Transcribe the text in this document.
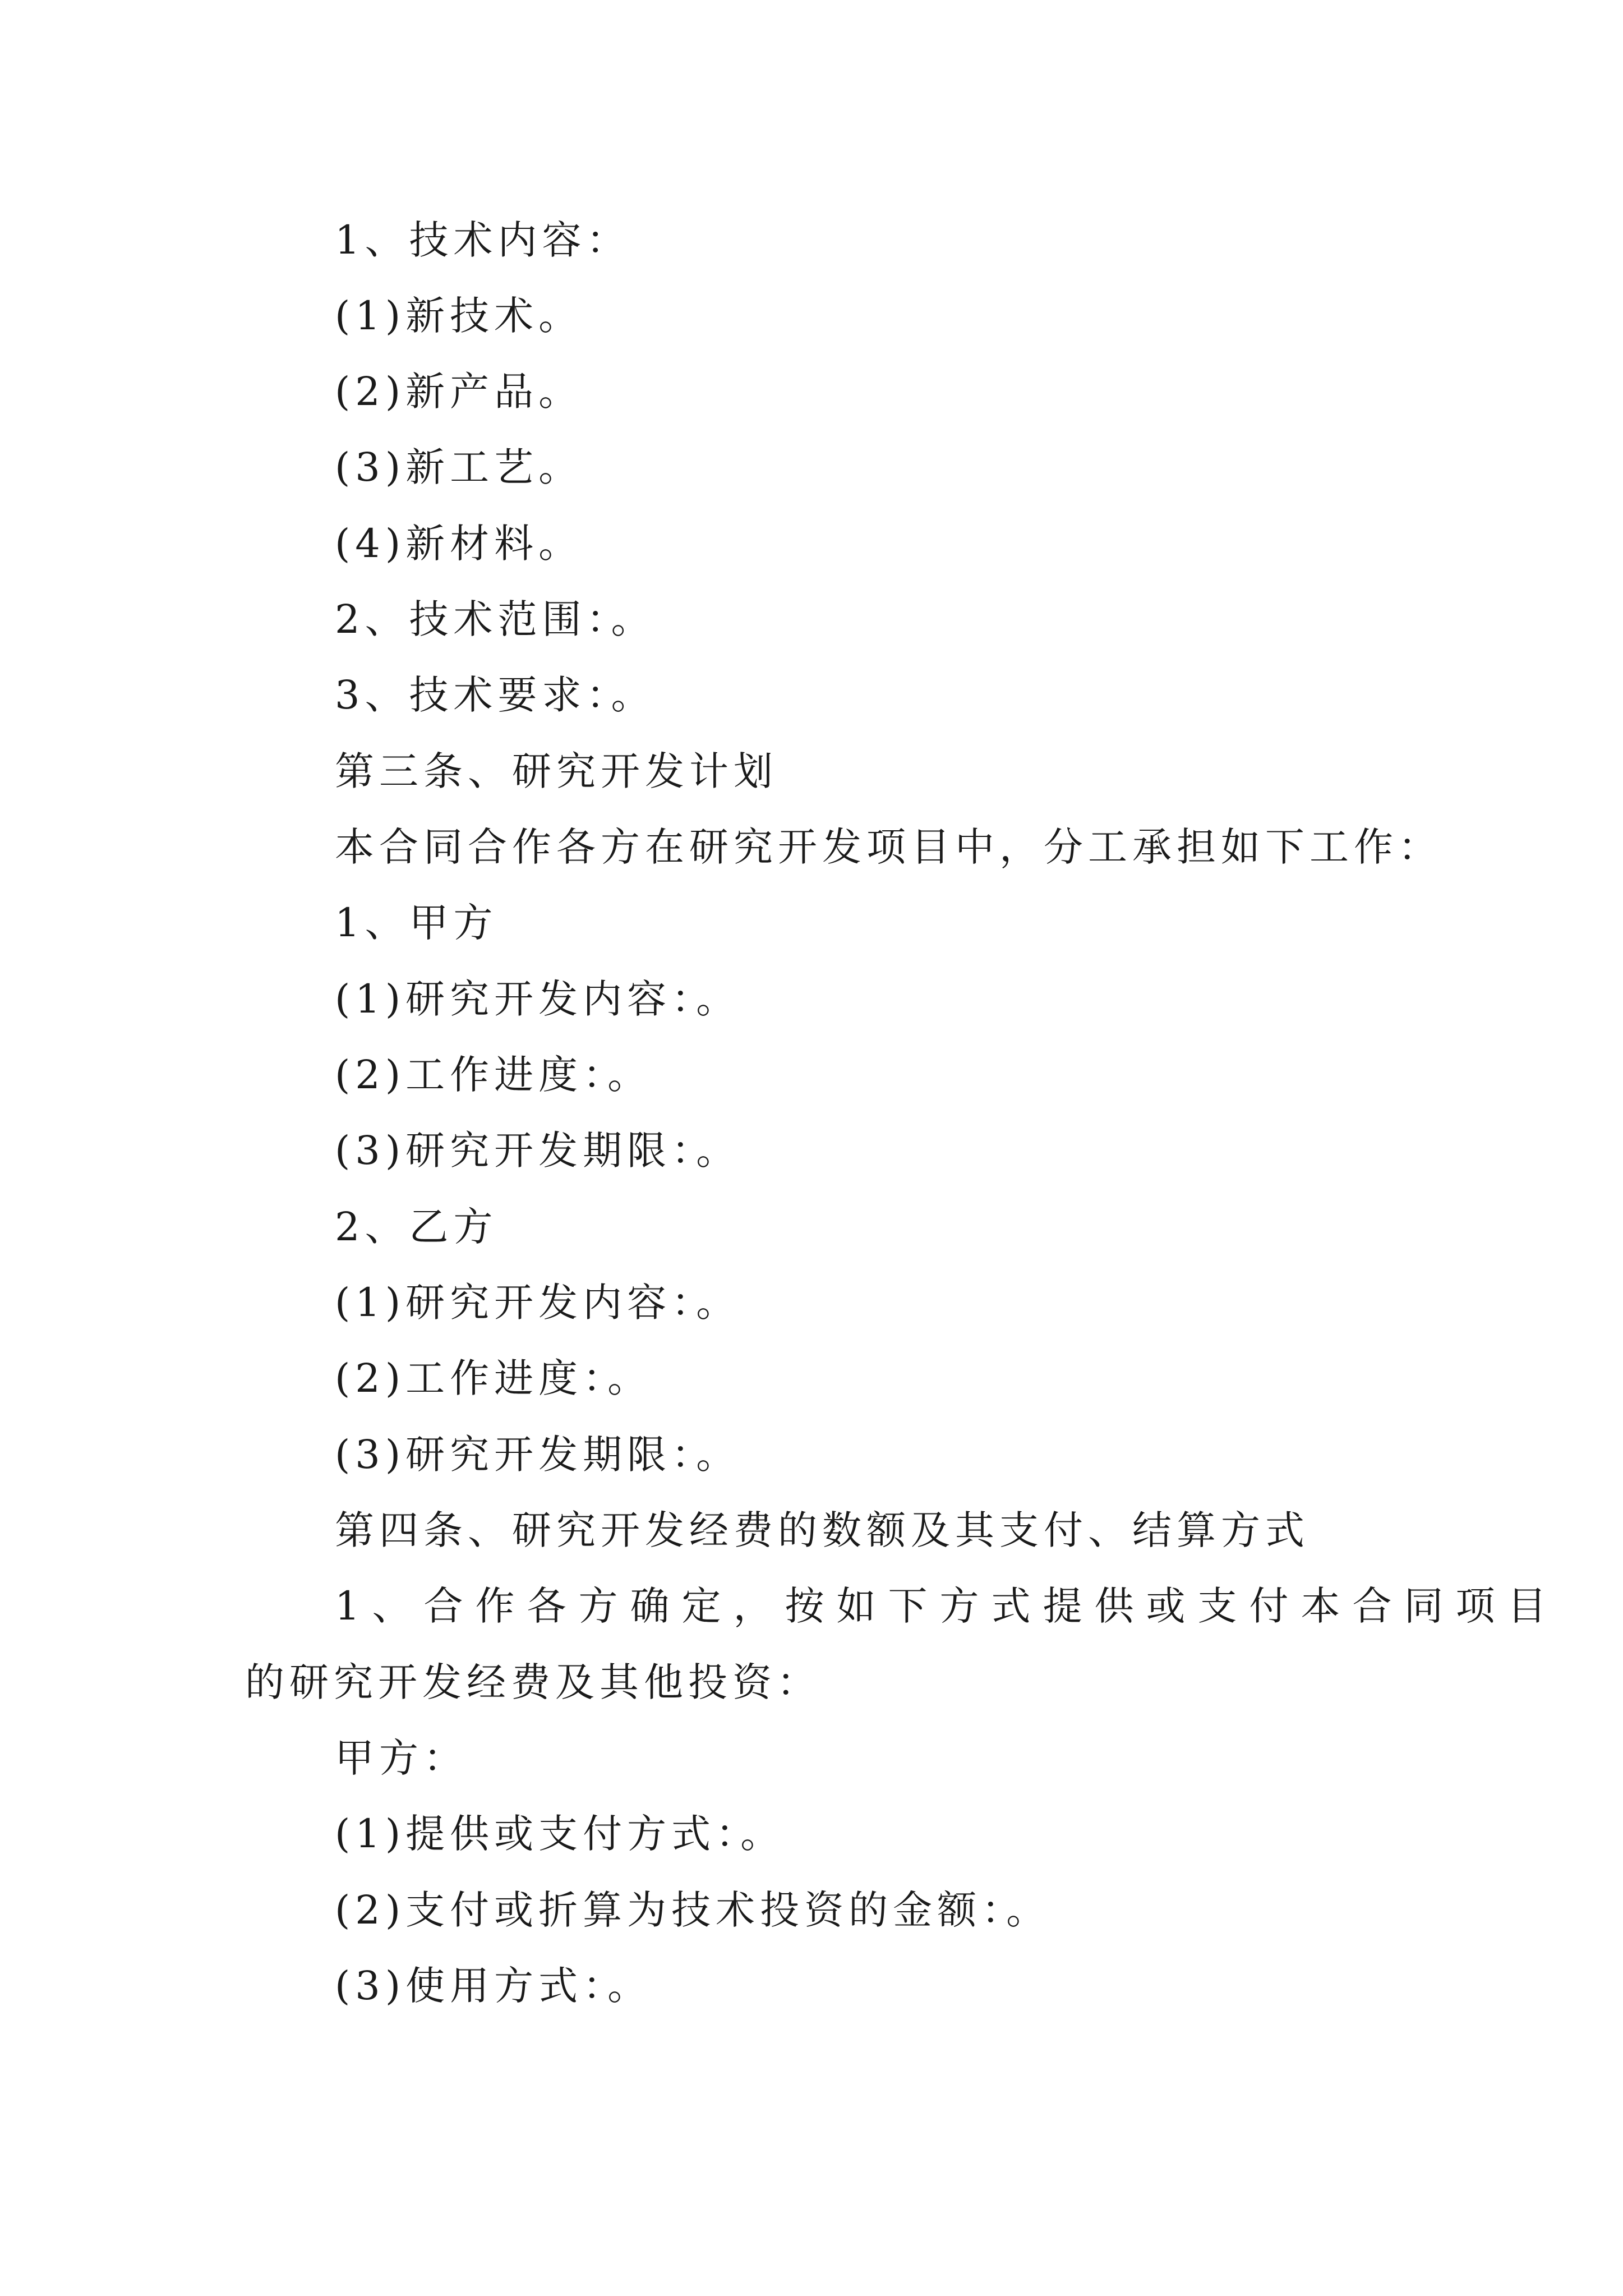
1、技术内容：
(1)新技术。
(2)新产品。
(3)新工艺。
(4)新材料。
2、技术范围：。
3、技术要求：。
第三条、研究开发计划
本合同合作各方在研究开发项目中，分工承担如下工作：
1、甲方
(1)研究开发内容：。
(2)工作进度：。
(3)研究开发期限：。
2、乙方
(1)研究开发内容：。
(2)工作进度：。
(3)研究开发期限：。
第四条、研究开发经费的数额及其支付、结算方式
1、合作各方确定，按如下方式提供或支付本合同项目
的研究开发经费及其他投资：
甲方：
(1)提供或支付方式：。
(2)支付或折算为技术投资的金额：。
(3)使用方式：。
